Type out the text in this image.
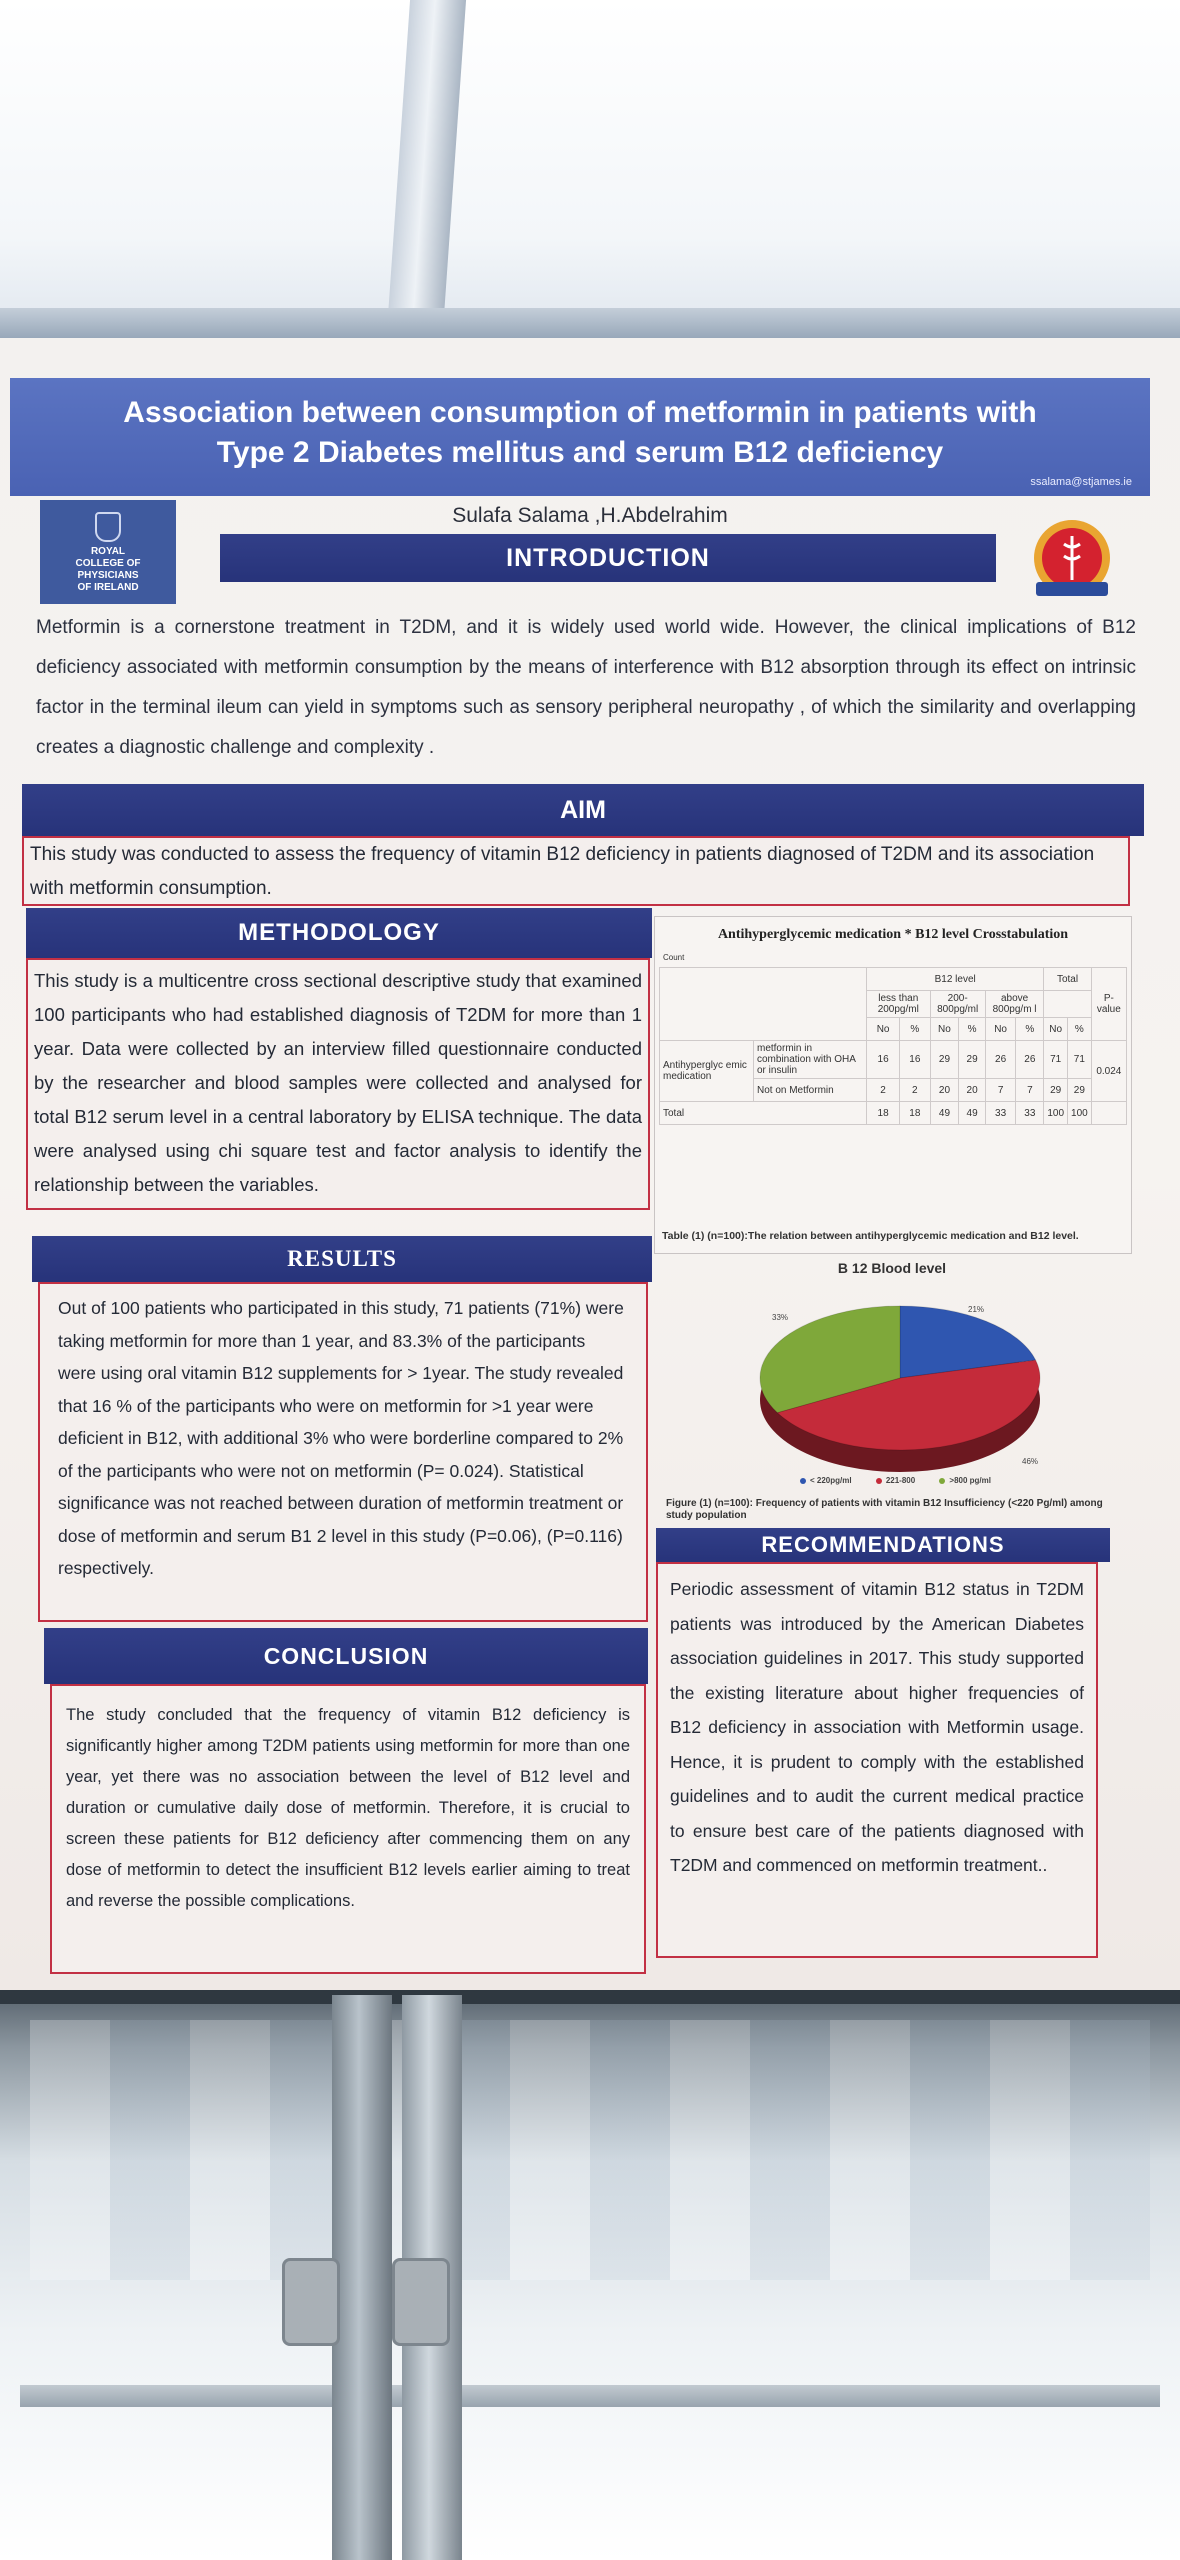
Association between consumption of metformin in patients with
Type 2 Diabetes mellitus and serum B12 deficiency
ssalama@stjames.ie
ROYAL
COLLEGE OF
PHYSICIANS
OF IRELAND
Sulafa Salama ,H.Abdelrahim
INTRODUCTION
Metformin is a cornerstone treatment in T2DM, and it is widely used world wide. However, the clinical implications of B12 deficiency associated with metformin consumption by the means of interference with B12 absorption through its effect on intrinsic factor in the terminal ileum can yield in symptoms such as sensory peripheral neuropathy , of which the similarity and overlapping creates a diagnostic challenge and complexity .
AIM
This study was conducted to assess the frequency of vitamin B12 deficiency in patients diagnosed of T2DM and its association with metformin consumption.
METHODOLOGY
This study is a multicentre cross sectional descriptive study that examined 100 participants who had established diagnosis of T2DM for more than 1 year. Data were collected by an interview filled questionnaire conducted by the researcher and blood samples were collected and analysed for total B12 serum level in a central laboratory by ELISA technique. The data were analysed using chi square test and factor analysis to identify the relationship between the variables.
RESULTS
Out of 100 patients who participated in this study, 71 patients (71%) were taking metformin for more than 1 year, and 83.3% of the participants were using oral vitamin B12 supplements for > 1year. The study revealed that 16 % of the participants who were on metformin for >1 year were deficient in B12, with additional 3% who were borderline compared to 2% of the participants who were not on metformin (P= 0.024). Statistical significance was not reached between duration of metformin treatment or dose of metformin and serum B1 2 level in this study (P=0.06), (P=0.116) respectively.
CONCLUSION
The study concluded that the frequency of vitamin B12 deficiency is significantly higher among T2DM patients using metformin for more than one year, yet there was no association between the level of B12 level and duration or cumulative daily dose of metformin. Therefore, it is crucial to screen these patients for B12 deficiency after commencing them on any dose of metformin to detect the insufficient B12 levels earlier aiming to treat and reverse the possible complications.
Antihyperglycemic medication * B12 level Crosstabulation
Count
		B12 level						Total		P-value
		less than 200pg/ml		200-800pg/ml		above 800pg/m l				
		No	%	No	%	No	%	No	%	
Antihyperglyc emic medication	metformin in combination with OHA or insulin	16	16	29	29	26	26	71	71	0.024
	Not on Metformin	2	2	20	20	7	7	29	29	
Total		18	18	49	49	33	33	100	100	
Table (1) (n=100):The relation between antihyperglycemic medication and B12 level.
B 12 Blood level
33%
21%
46%
< 220pg/ml	221-800	>800 pg/ml
Figure (1) (n=100): Frequency of patients with vitamin B12 Insufficiency (<220 Pg/ml) among study population
RECOMMENDATIONS
Periodic assessment of vitamin B12 status in T2DM patients was introduced by the American Diabetes association guidelines in 2017. This study supported the existing literature about higher frequencies of B12 deficiency in association with Metformin usage. Hence, it is prudent to comply with the established guidelines and to audit the current medical practice to ensure best care of the patients diagnosed with T2DM and commenced on metformin treatment..
